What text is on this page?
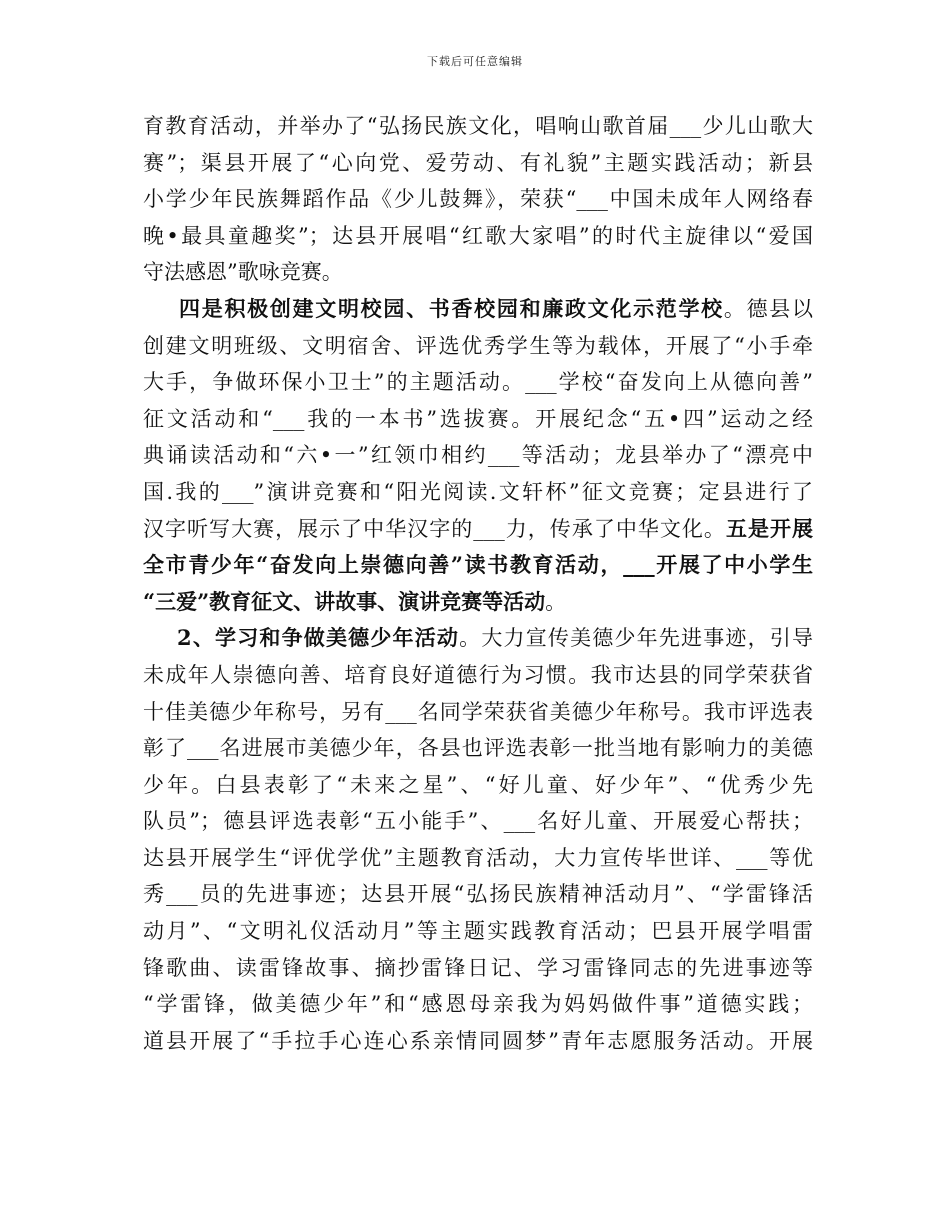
下载后可任意编辑
育教育活动，并举办了“弘扬民族文化，唱响山歌首届___少儿山歌大
赛”；渠县开展了“心向党、爱劳动、有礼貌”主题实践活动；新县
小学少年民族舞蹈作品《少儿鼓舞》，荣获“___中国未成年人网络春
晚•最具童趣奖”；达县开展唱“红歌大家唱”的时代主旋律以“爱国
守法感恩”歌咏竞赛。
四是积极创建文明校园、书香校园和廉政文化示范学校。德县以
创建文明班级、文明宿舍、评选优秀学生等为载体，开展了“小手牵
大手，争做环保小卫士”的主题活动。___学校“奋发向上从德向善”
征文活动和“___我的一本书”选拔赛。开展纪念“五•四”运动之经
典诵读活动和“六•一”红领巾相约___等活动；龙县举办了“漂亮中
国.我的___”演讲竞赛和“阳光阅读.文轩杯”征文竞赛；定县进行了
汉字听写大赛，展示了中华汉字的___力，传承了中华文化。五是开展
全市青少年“奋发向上崇德向善”读书教育活动，___开展了中小学生
“三爱”教育征文、讲故事、演讲竞赛等活动。
2、学习和争做美德少年活动。大力宣传美德少年先进事迹，引导
未成年人崇德向善、培育良好道德行为习惯。我市达县的同学荣获省
十佳美德少年称号，另有___名同学荣获省美德少年称号。我市评选表
彰了___名进展市美德少年，各县也评选表彰一批当地有影响力的美德
少年。白县表彰了“未来之星”、“好儿童、好少年”、“优秀少先
队员”；德县评选表彰“五小能手”、___名好儿童、开展爱心帮扶；
达县开展学生“评优学优”主题教育活动，大力宣传毕世详、___等优
秀___员的先进事迹；达县开展“弘扬民族精神活动月”、“学雷锋活
动月”、“文明礼仪活动月”等主题实践教育活动；巴县开展学唱雷
锋歌曲、读雷锋故事、摘抄雷锋日记、学习雷锋同志的先进事迹等
“学雷锋，做美德少年”和“感恩母亲我为妈妈做件事”道德实践；
道县开展了“手拉手心连心系亲情同圆梦”青年志愿服务活动。开展
